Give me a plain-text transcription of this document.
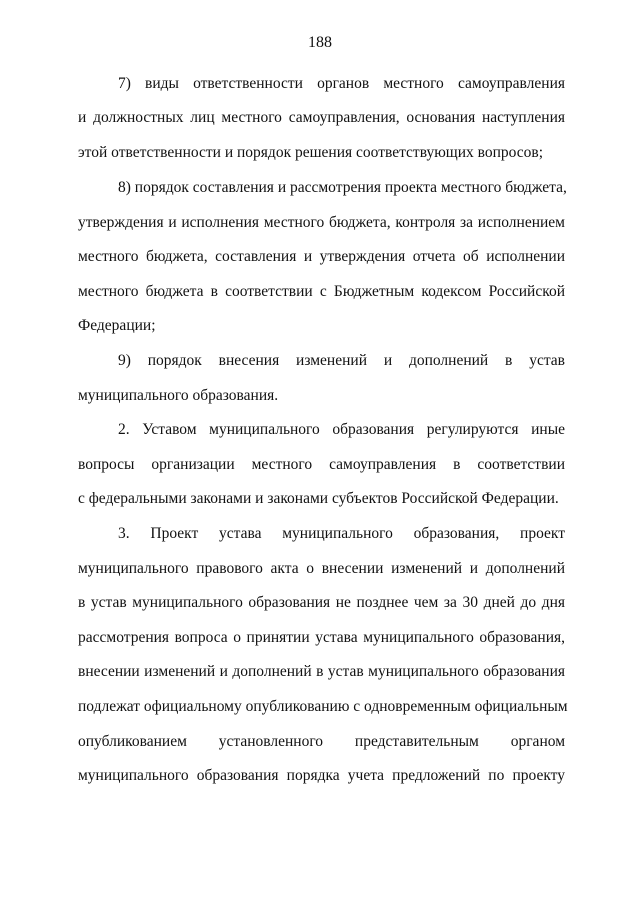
188
7) виды ответственности органов местного самоуправления
и должностных лиц местного самоуправления, основания наступления
этой ответственности и порядок решения соответствующих вопросов;
8) порядок составления и рассмотрения проекта местного бюджета,
утверждения и исполнения местного бюджета, контроля за исполнением
местного бюджета, составления и утверждения отчета об исполнении
местного бюджета в соответствии с Бюджетным кодексом Российской
Федерации;
9) порядок внесения изменений и дополнений в устав
муниципального образования.
2. Уставом муниципального образования регулируются иные
вопросы организации местного самоуправления в соответствии
с федеральными законами и законами субъектов Российской Федерации.
3. Проект устава муниципального образования, проект
муниципального правового акта о внесении изменений и дополнений
в устав муниципального образования не позднее чем за 30 дней до дня
рассмотрения вопроса о принятии устава муниципального образования,
внесении изменений и дополнений в устав муниципального образования
подлежат официальному опубликованию с одновременным официальным
опубликованием установленного представительным органом
муниципального образования порядка учета предложений по проекту
